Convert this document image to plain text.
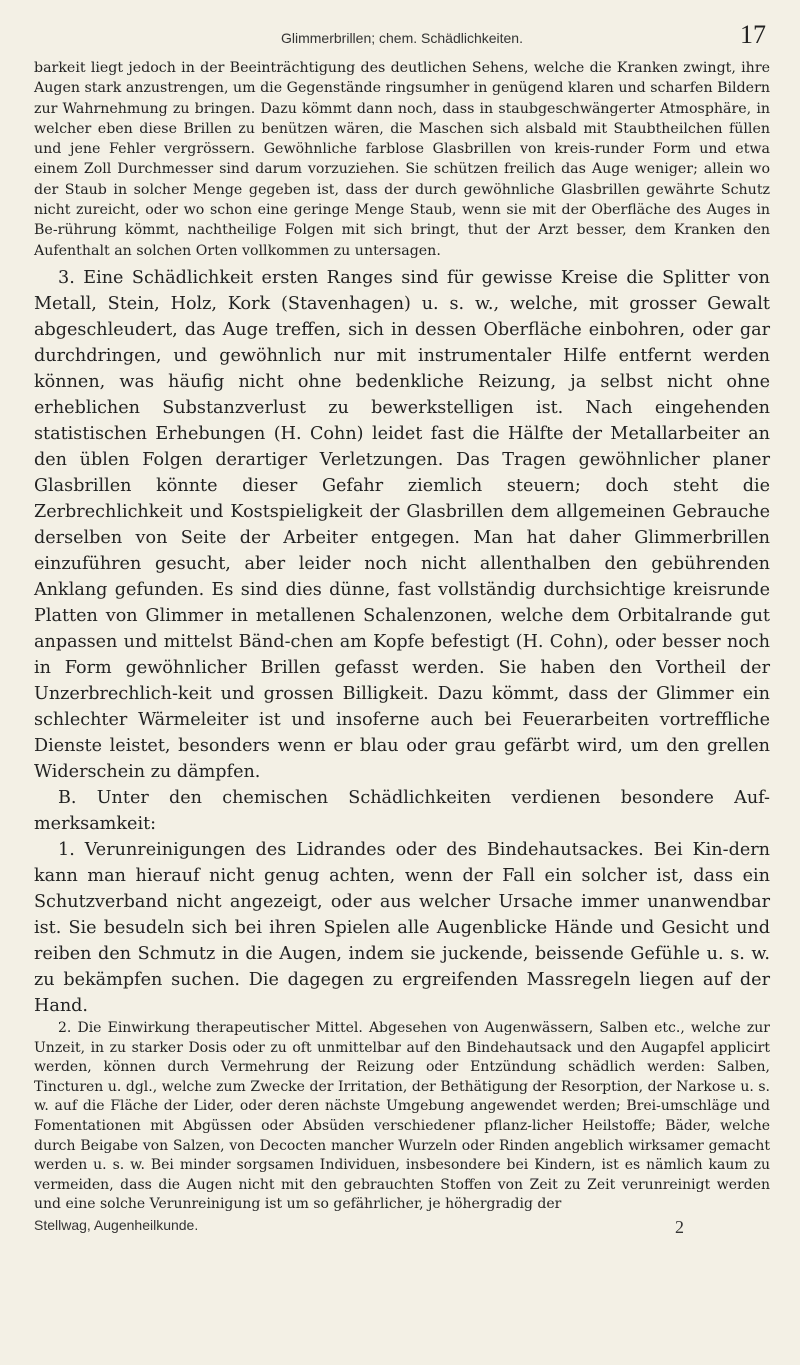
Glimmerbrillen; chem. Schädlichkeiten.	17

barkeit liegt jedoch in der Beeinträchtigung des deutlichen Sehens, welche die Kranken zwingt, ihre Augen stark anzustrengen, um die Gegenstände ringsumher in genügend klaren und scharfen Bildern zur Wahrnehmung zu bringen. Dazu kömmt dann noch, dass in staubgeschwängerter Atmosphäre, in welcher eben diese Brillen zu benützen wären, die Maschen sich alsbald mit Staubtheilchen füllen und jene Fehler vergrössern. Gewöhnliche farblose Glasbrillen von kreis-runder Form und etwa einem Zoll Durchmesser sind darum vorzuziehen. Sie schützen freilich das Auge weniger; allein wo der Staub in solcher Menge gegeben ist, dass der durch gewöhnliche Glasbrillen gewährte Schutz nicht zureicht, oder wo schon eine geringe Menge Staub, wenn sie mit der Oberfläche des Auges in Be-rührung kömmt, nachtheilige Folgen mit sich bringt, thut der Arzt besser, dem Kranken den Aufenthalt an solchen Orten vollkommen zu untersagen.

3. Eine Schädlichkeit ersten Ranges sind für gewisse Kreise die Splitter von Metall, Stein, Holz, Kork (Stavenhagen) u. s. w., welche, mit grosser Gewalt abgeschleudert, das Auge treffen, sich in dessen Oberfläche einbohren, oder gar durchdringen, und gewöhnlich nur mit instrumentaler Hilfe entfernt werden können, was häufig nicht ohne bedenkliche Reizung, ja selbst nicht ohne erheblichen Substanzverlust zu bewerkstelligen ist. Nach eingehenden statistischen Erhebungen (H. Cohn) leidet fast die Hälfte der Metallarbeiter an den üblen Folgen derartiger Verletzungen. Das Tragen gewöhnlicher planer Glasbrillen könnte dieser Gefahr ziemlich steuern; doch steht die Zerbrechlichkeit und Kostspieligkeit der Glasbrillen dem allgemeinen Gebrauche derselben von Seite der Arbeiter entgegen. Man hat daher Glimmerbrillen einzuführen gesucht, aber leider noch nicht allenthalben den gebührenden Anklang gefunden. Es sind dies dünne, fast vollständig durchsichtige kreisrunde Platten von Glimmer in metallenen Schalenzonen, welche dem Orbitalrande gut anpassen und mittelst Bänd-chen am Kopfe befestigt (H. Cohn), oder besser noch in Form gewöhnlicher Brillen gefasst werden. Sie haben den Vortheil der Unzerbrechlich-keit und grossen Billigkeit. Dazu kömmt, dass der Glimmer ein schlechter Wärmeleiter ist und insoferne auch bei Feuerarbeiten vortreffliche Dienste leistet, besonders wenn er blau oder grau gefärbt wird, um den grellen Widerschein zu dämpfen.

B. Unter den chemischen Schädlichkeiten verdienen besondere Auf-merksamkeit:

1. Verunreinigungen des Lidrandes oder des Bindehautsackes. Bei Kin-dern kann man hierauf nicht genug achten, wenn der Fall ein solcher ist, dass ein Schutzverband nicht angezeigt, oder aus welcher Ursache immer unanwendbar ist. Sie besudeln sich bei ihren Spielen alle Augenblicke Hände und Gesicht und reiben den Schmutz in die Augen, indem sie juckende, beissende Gefühle u. s. w. zu bekämpfen suchen. Die dagegen zu ergreifenden Massregeln liegen auf der Hand.

2. Die Einwirkung therapeutischer Mittel. Abgesehen von Augenwässern, Salben etc., welche zur Unzeit, in zu starker Dosis oder zu oft unmittelbar auf den Bindehautsack und den Augapfel applicirt werden, können durch Vermehrung der Reizung oder Entzündung schädlich werden: Salben, Tincturen u. dgl., welche zum Zwecke der Irritation, der Bethätigung der Resorption, der Narkose u. s. w. auf die Fläche der Lider, oder deren nächste Umgebung angewendet werden; Brei-umschläge und Fomentationen mit Abgüssen oder Absüden verschiedener pflanz-licher Heilstoffe; Bäder, welche durch Beigabe von Salzen, von Decocten mancher Wurzeln oder Rinden angeblich wirksamer gemacht werden u. s. w. Bei minder sorgsamen Individuen, insbesondere bei Kindern, ist es nämlich kaum zu vermeiden, dass die Augen nicht mit den gebrauchten Stoffen von Zeit zu Zeit verunreinigt werden und eine solche Verunreinigung ist um so gefährlicher, je höhergradig der

Stellwag, Augenheilkunde.	2
